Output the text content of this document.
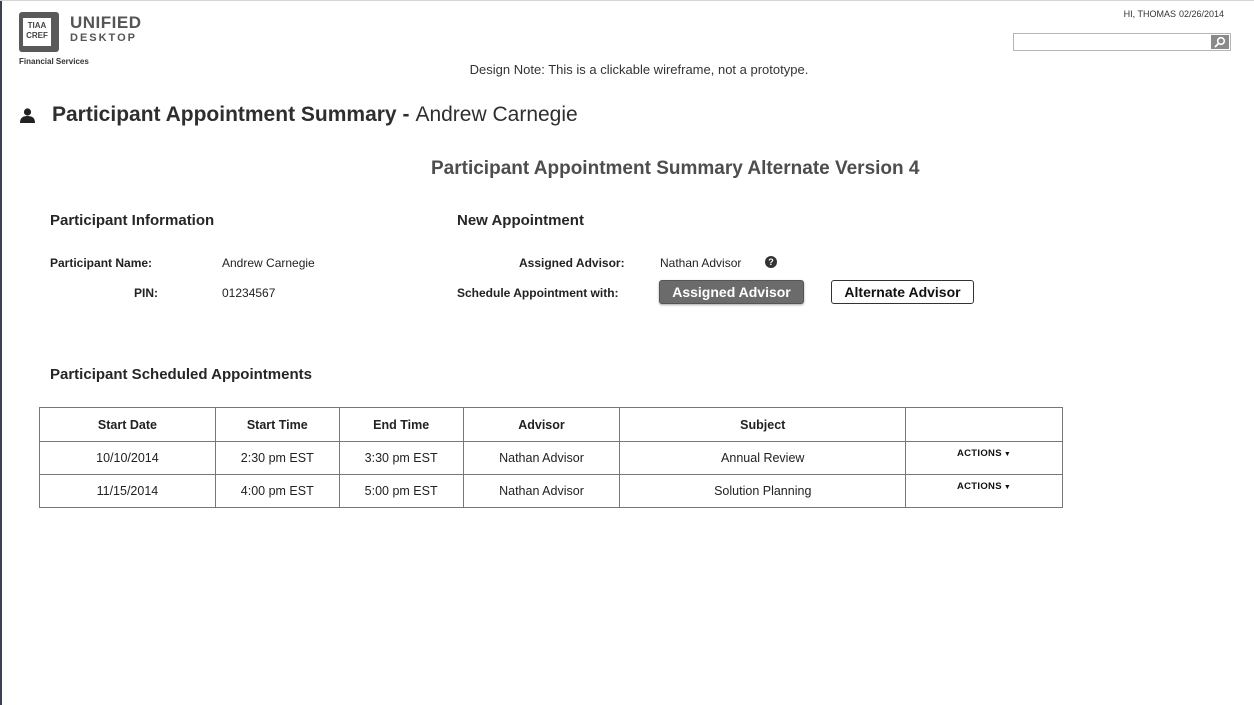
TIAA
CREF
UNIFIED
DESKTOP
Financial Services
HI, THOMAS 02/26/2014
Design Note: This is a clickable wireframe, not a prototype.
Participant Appointment Summary - Andrew Carnegie
Participant Appointment Summary Alternate Version 4
Participant Information
Participant Name:	Andrew Carnegie
PIN:	01234567
New Appointment
Assigned Advisor:	Nathan Advisor	?
Schedule Appointment with:	Assigned Advisor	Alternate Advisor
Participant Scheduled Appointments
Start Date	Start Time	End Time	Advisor	Subject	
10/10/2014	2:30 pm EST	3:30 pm EST	Nathan Advisor	Annual Review	ACTIONS ▼
11/15/2014	4:00 pm EST	5:00 pm EST	Nathan Advisor	Solution Planning	ACTIONS ▼
